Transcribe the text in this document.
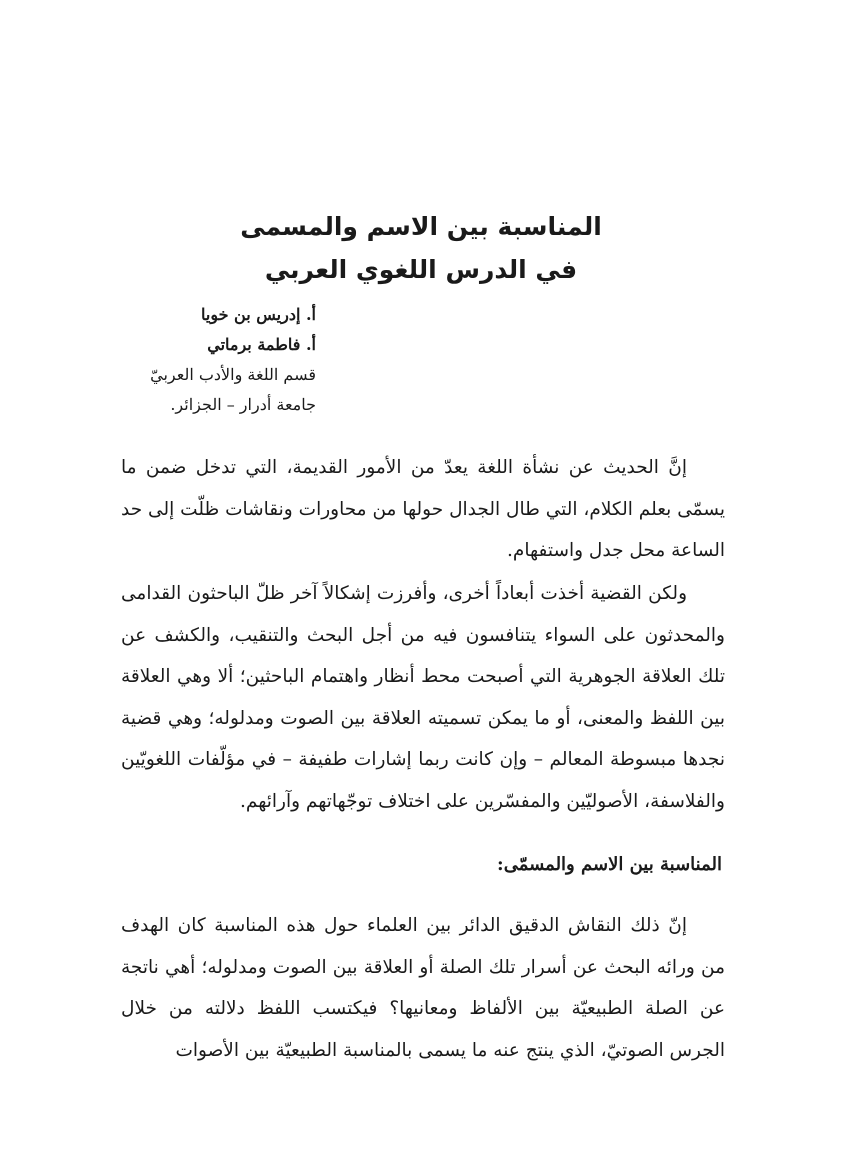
المناسبة بين الاسم والمسمى
في الدرس اللغوي العربي
أ. إدريس بن خويا
أ. فاطمة برماتي
قسم اللغة والأدب العربيّ
جامعة أدرار – الجزائر.

إنَّ الحديث عن نشأة اللغة يعدّ من الأمور القديمة، التي تدخل ضمن ما يسمّى بعلم الكلام، التي طال الجدال حولها من محاورات ونقاشات ظلّت إلى حد الساعة محل جدل واستفهام.

ولكن القضية أخذت أبعاداً أخرى، وأفرزت إشكالاً آخر ظلّ الباحثون القدامى والمحدثون على السواء يتنافسون فيه من أجل البحث والتنقيب، والكشف عن تلك العلاقة الجوهرية التي أصبحت محط أنظار واهتمام الباحثين؛ ألا وهي العلاقة بين اللفظ والمعنى، أو ما يمكن تسميته العلاقة بين الصوت ومدلوله؛ وهي قضية نجدها مبسوطة المعالم – وإن كانت ربما إشارات طفيفة – في مؤلّفات اللغويّين والفلاسفة، الأصوليّين والمفسّرين على اختلاف توجّهاتهم وآرائهم.

المناسبة بين الاسم والمسمّى:

إنّ ذلك النقاش الدقيق الدائر بين العلماء حول هذه المناسبة كان الهدف من ورائه البحث عن أسرار تلك الصلة أو العلاقة بين الصوت ومدلوله؛ أهي ناتجة عن الصلة الطبيعيّة بين الألفاظ ومعانيها؟ فيكتسب اللفظ دلالته من خلال الجرس الصوتيّ، الذي ينتج عنه ما يسمى بالمناسبة الطبيعيّة بين الأصوات
